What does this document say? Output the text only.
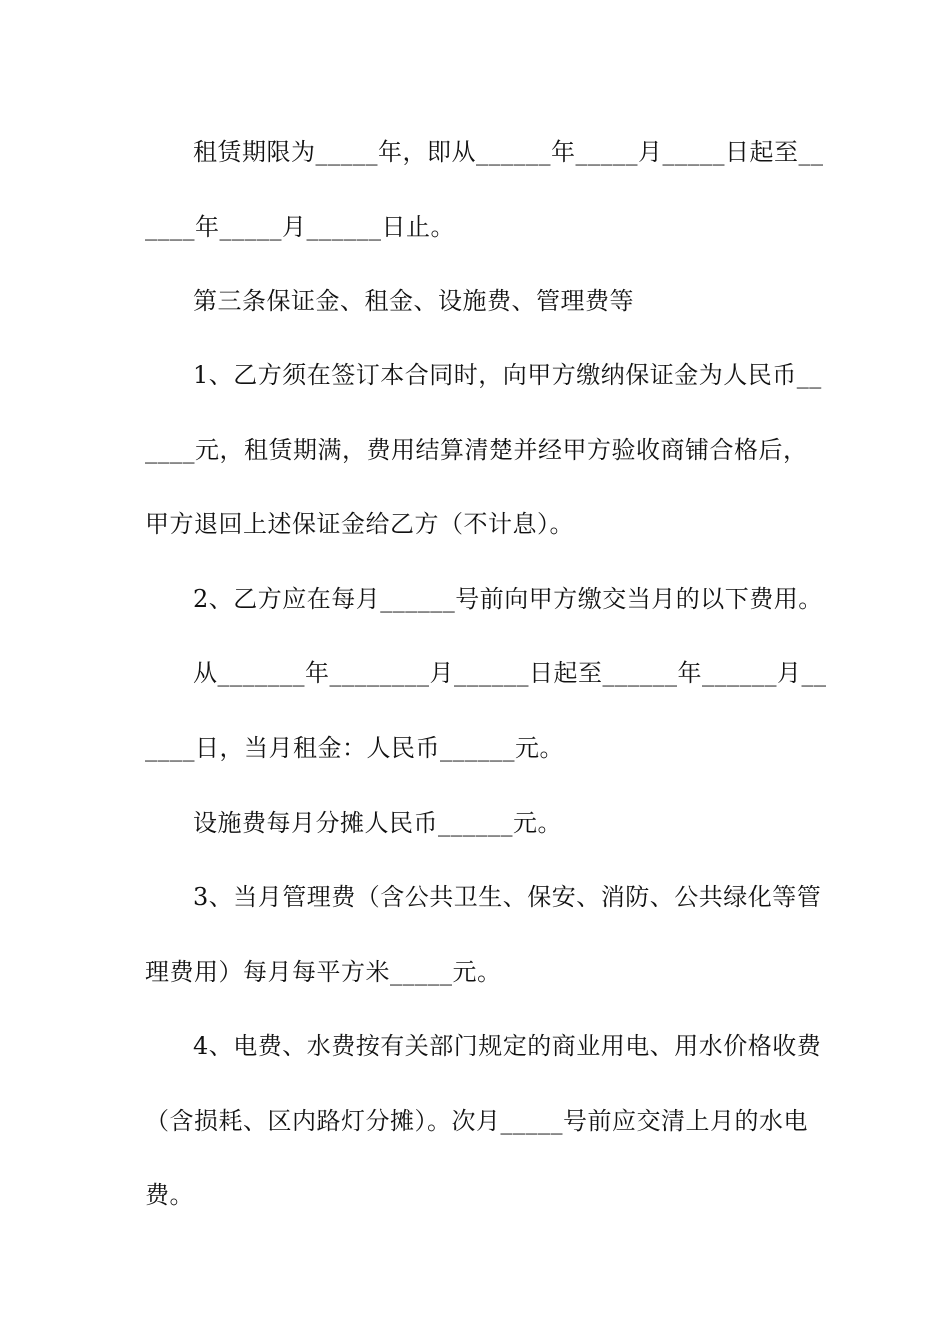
租赁期限为_____年，即从______年_____月_____日起至__
____年_____月______日止。
第三条保证金、租金、设施费、管理费等
1、乙方须在签订本合同时，向甲方缴纳保证金为人民币__
____元，租赁期满，费用结算清楚并经甲方验收商铺合格后，
甲方退回上述保证金给乙方（不计息）。
2、乙方应在每月______号前向甲方缴交当月的以下费用。
从_______年________月______日起至______年______月__
____日，当月租金：人民币______元。
设施费每月分摊人民币______元。
3、当月管理费（含公共卫生、保安、消防、公共绿化等管
理费用）每月每平方米_____元。
4、电费、水费按有关部门规定的商业用电、用水价格收费
（含损耗、区内路灯分摊）。次月_____号前应交清上月的水电
费。
